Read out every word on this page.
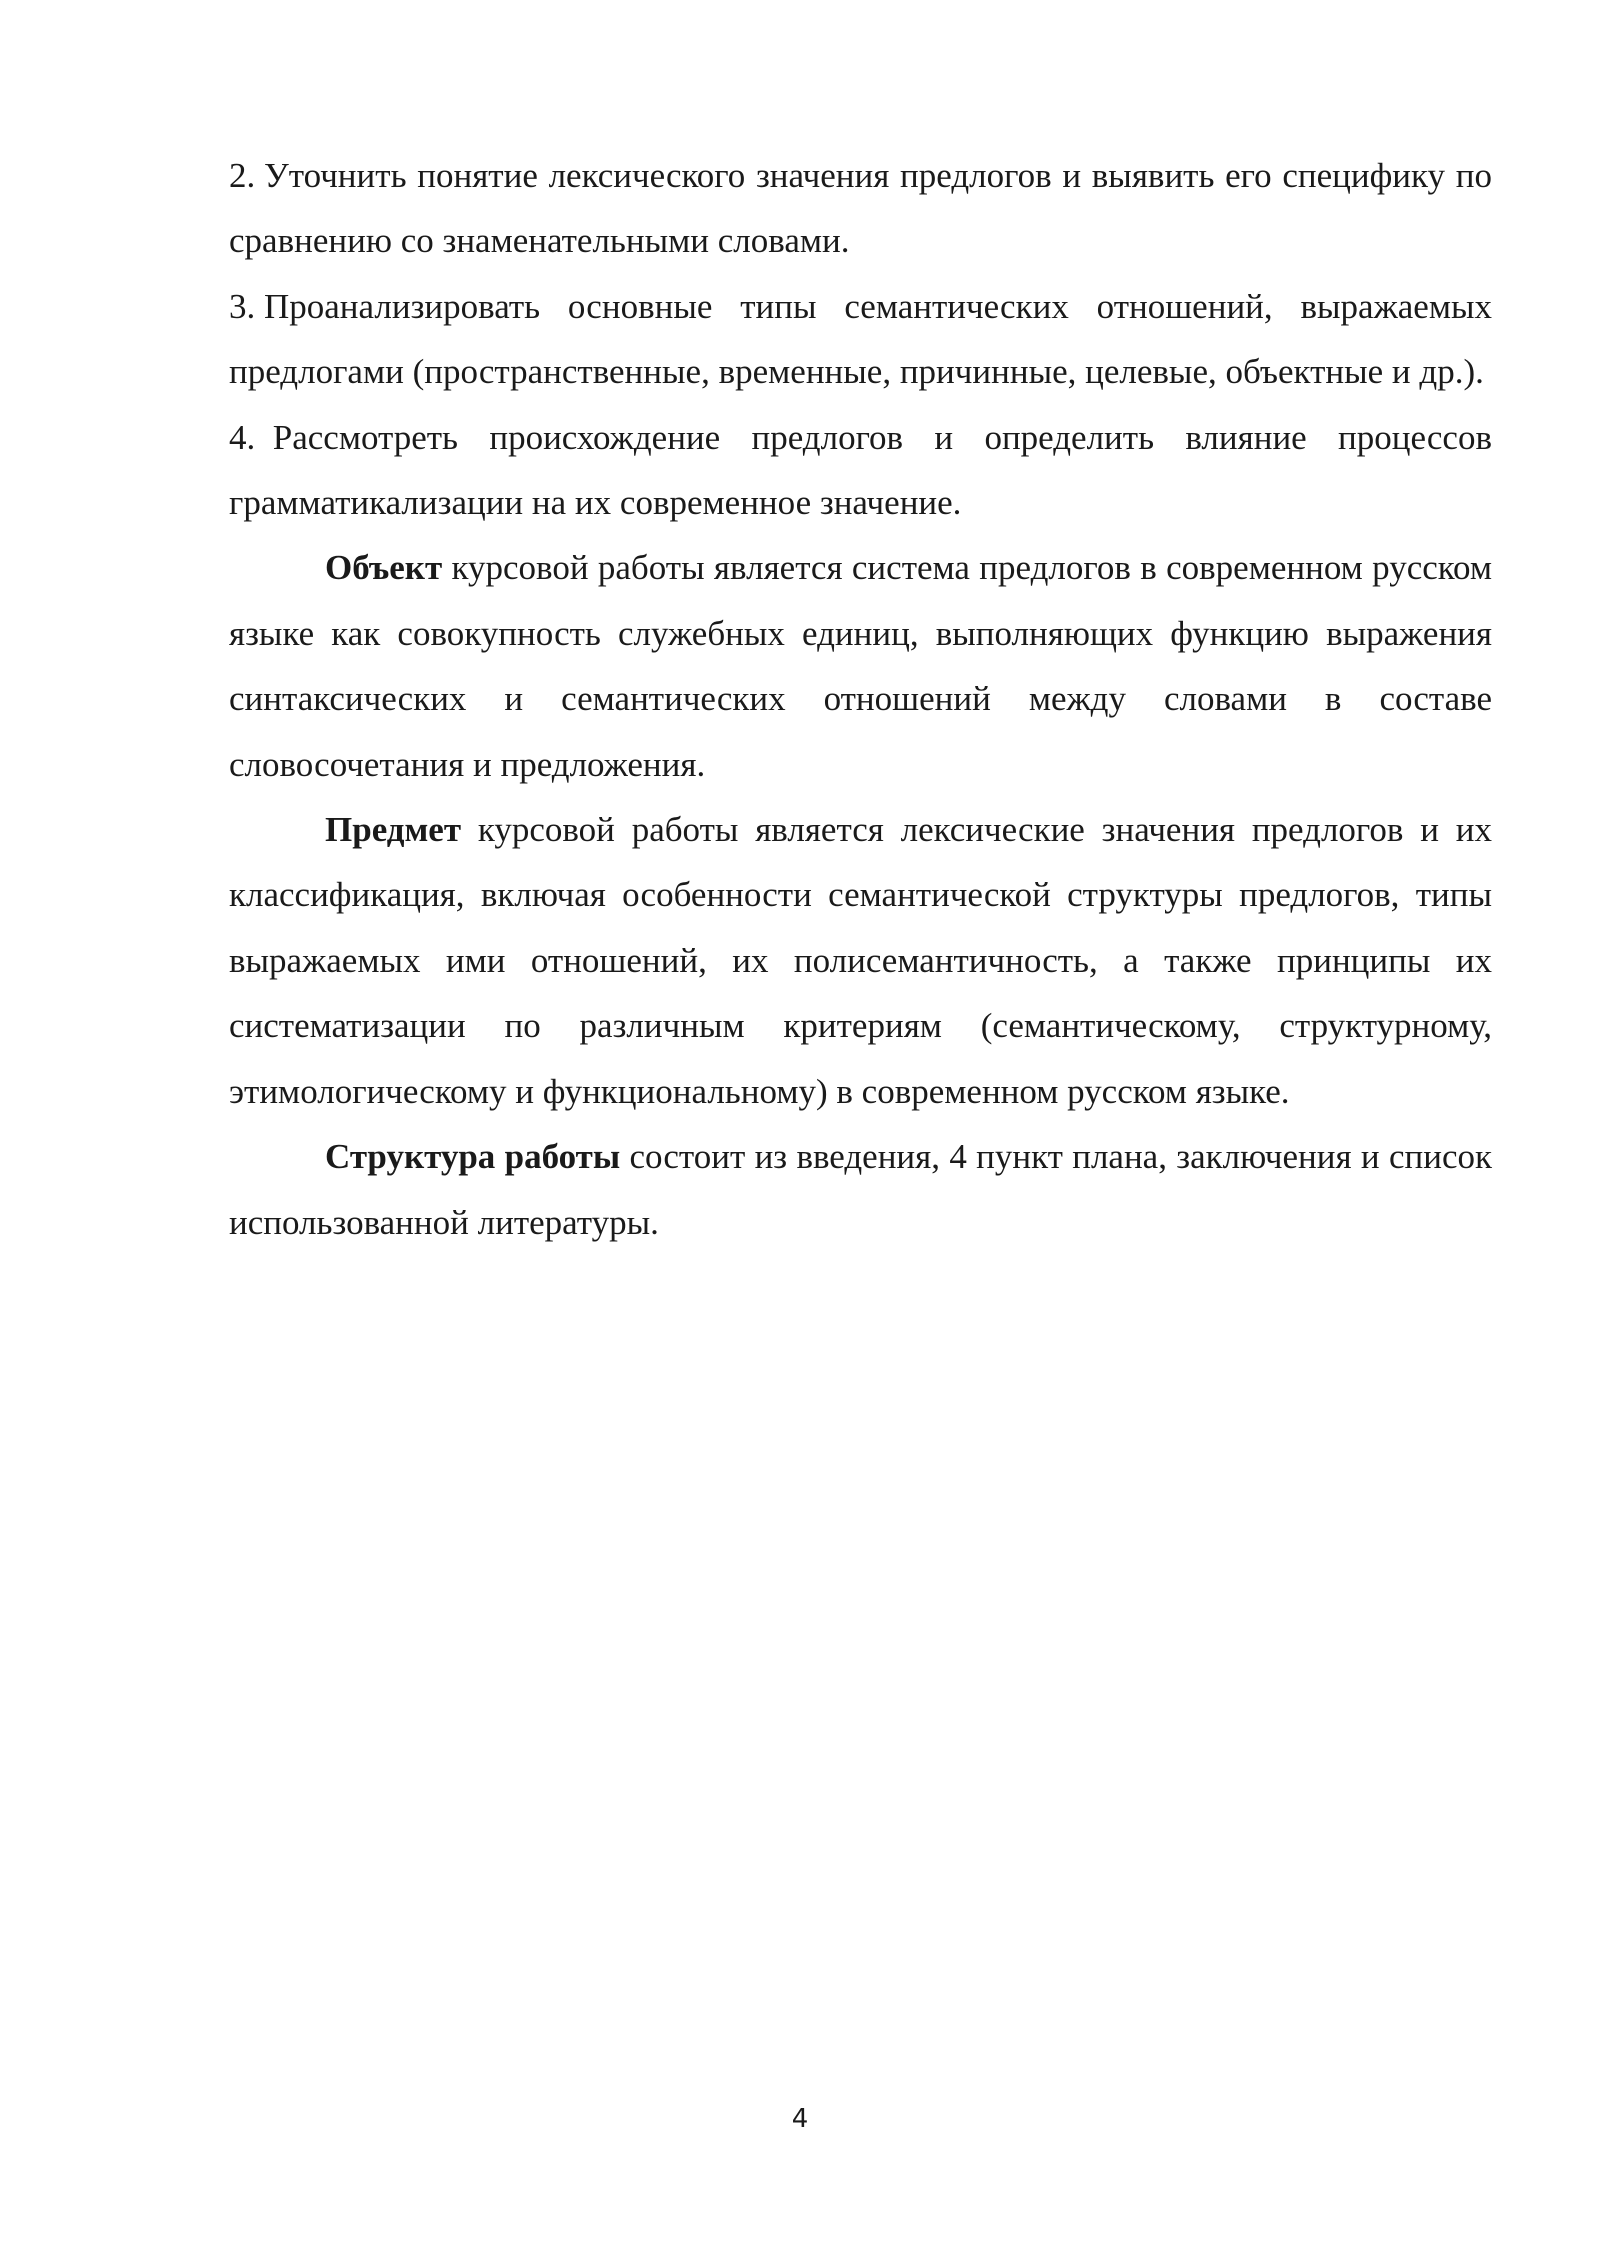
2. Уточнить понятие лексического значения предлогов и выявить его специфику по сравнению со знаменательными словами.

3. Проанализировать основные типы семантических отношений, выражаемых предлогами (пространственные, временные, причинные, целевые, объектные и др.).

4.  Рассмотреть происхождение предлогов и определить влияние процессов грамматикализации на их современное значение.

Объект курсовой работы является система предлогов в современном русском языке как совокупность служебных единиц, выполняющих функцию выражения синтаксических и семантических отношений между словами в составе словосочетания и предложения.

Предмет курсовой работы является лексические значения предлогов и их классификация, включая особенности семантической структуры предлогов, типы выражаемых ими отношений, их полисемантичность, а также принципы их систематизации по различным критериям (семантическому, структурному, этимологическому и функциональному) в современном русском языке.

Структура работы состоит из введения, 4 пункт плана, заключения и список использованной литературы.

4
